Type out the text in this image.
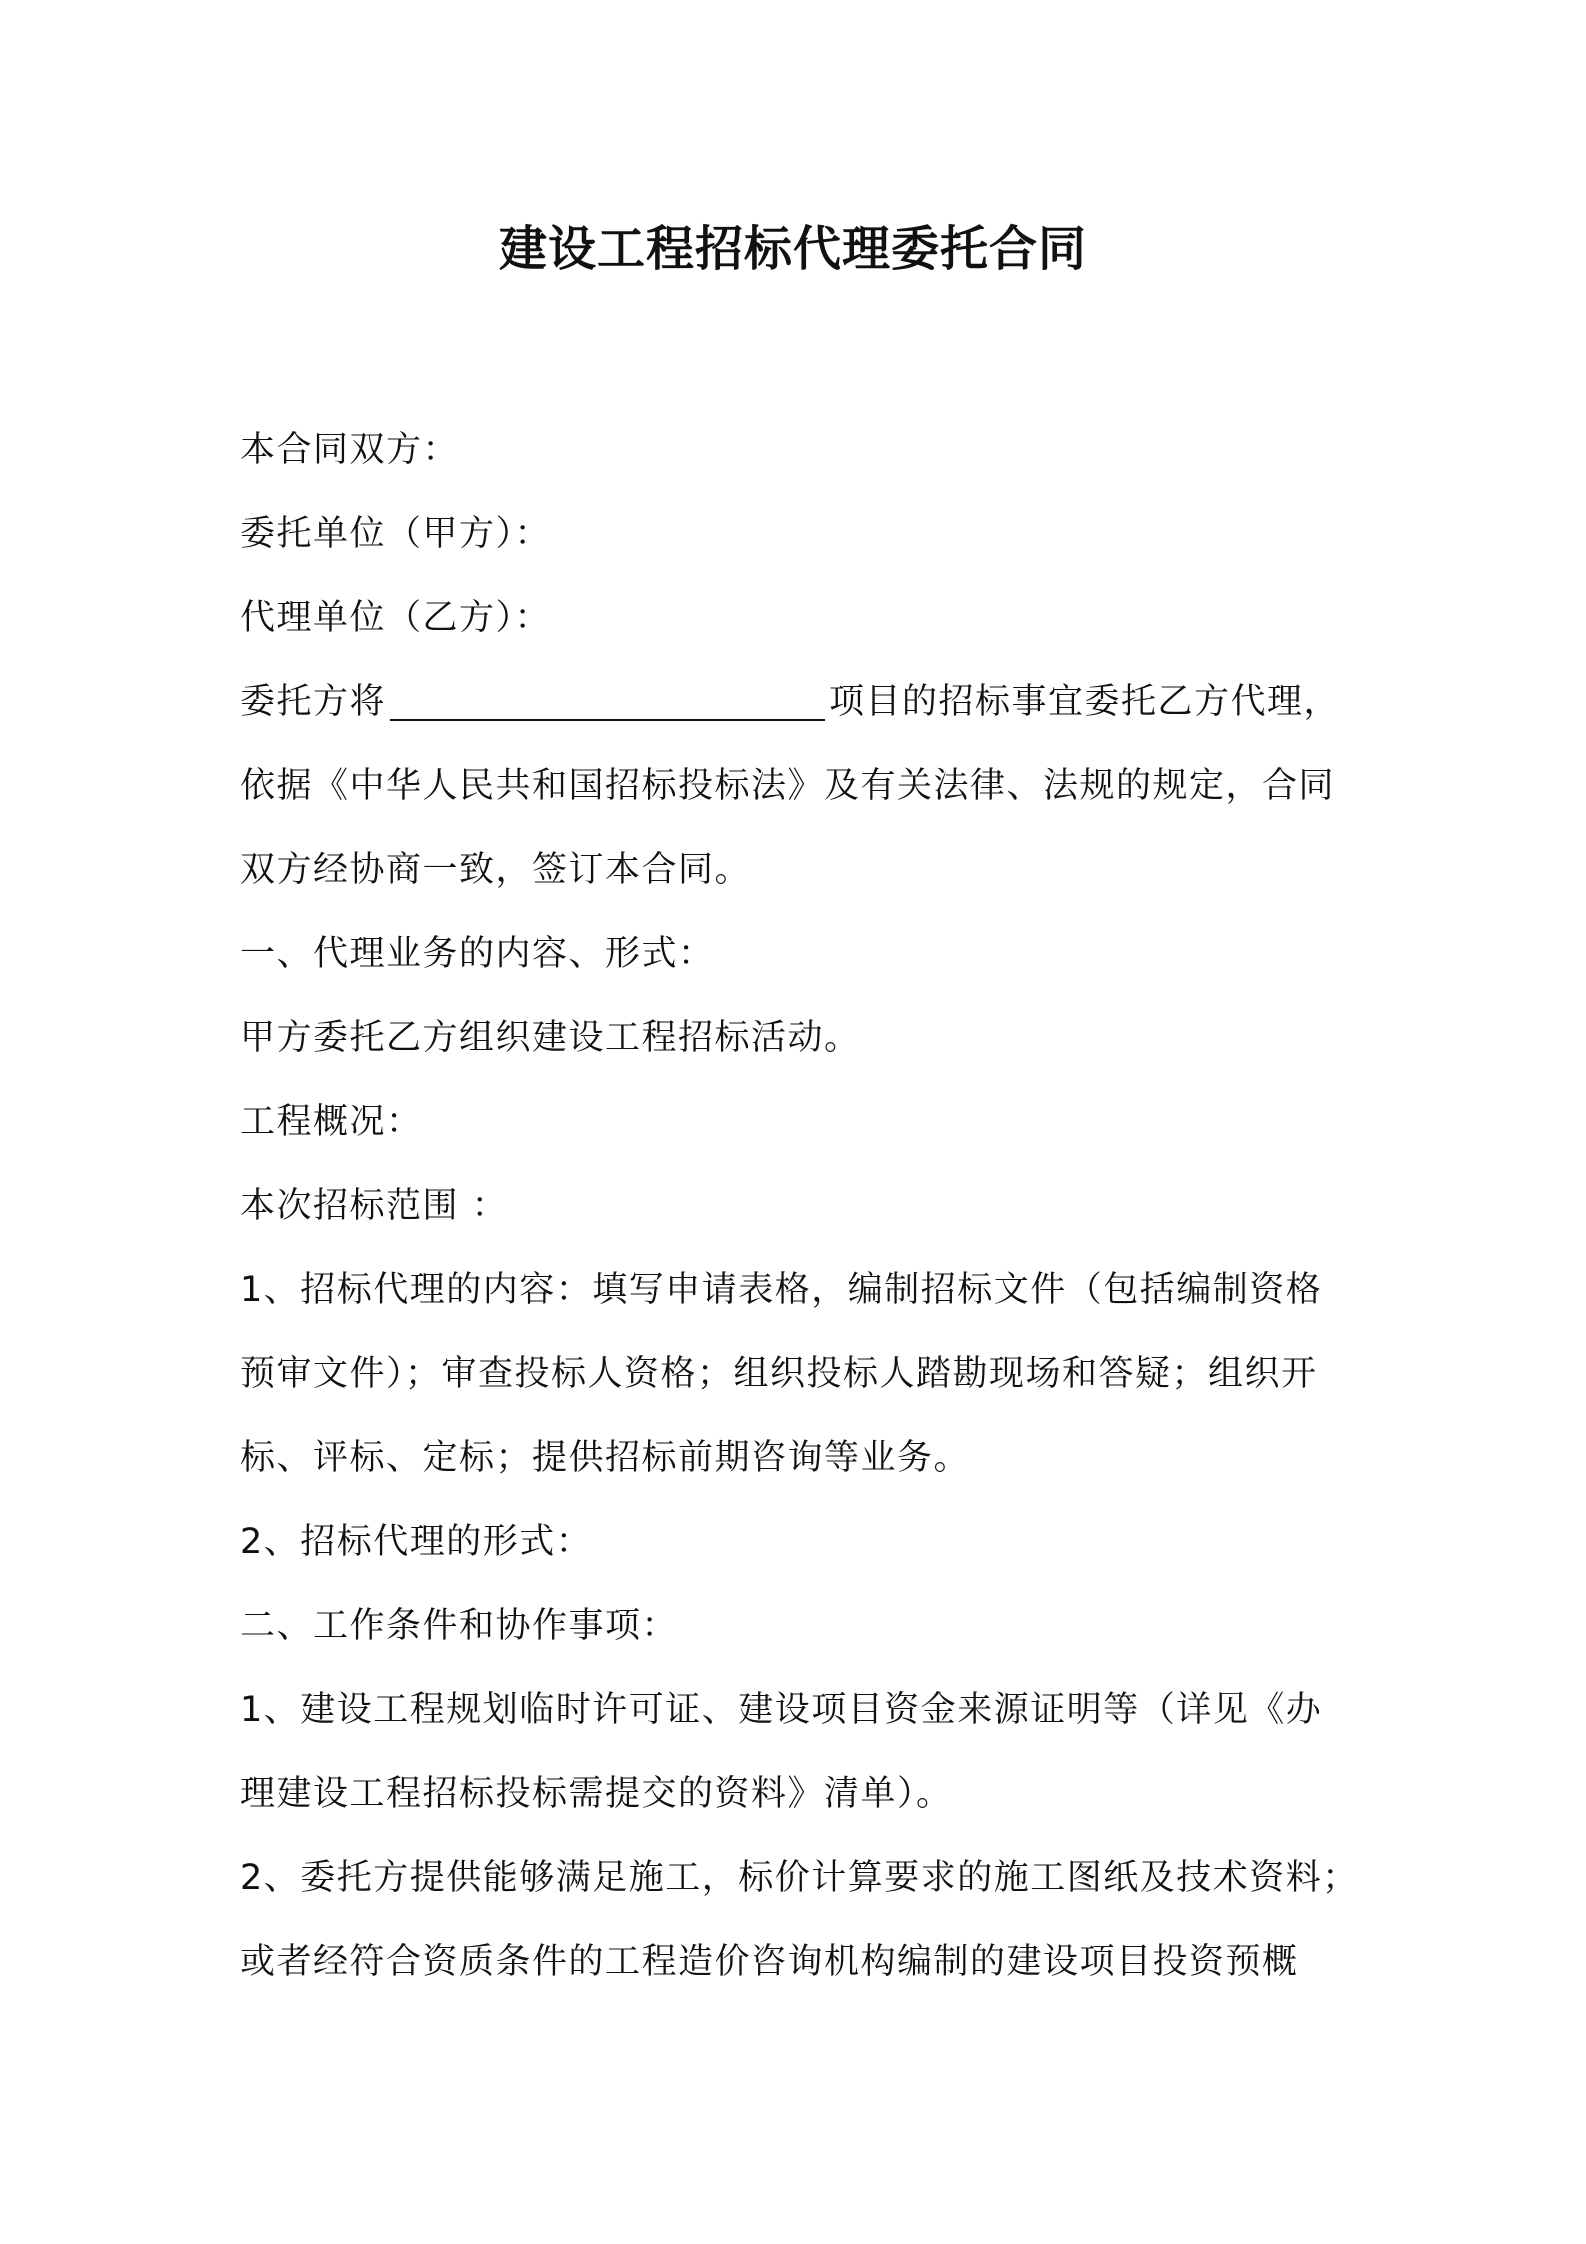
建设工程招标代理委托合同
本合同双方：
委托单位（甲方）：
代理单位（乙方）：
委托方将	项目的招标事宜委托乙方代理，
依据《中华人民共和国招标投标法》及有关法律、法规的规定，合同
双方经协商一致，签订本合同。
一、代理业务的内容、形式：
甲方委托乙方组织建设工程招标活动。
工程概况：
本次招标范围 ：
1、招标代理的内容：填写申请表格，编制招标文件（包括编制资格
预审文件）；审查投标人资格；组织投标人踏勘现场和答疑；组织开
标、评标、定标；提供招标前期咨询等业务。
2、招标代理的形式：
二、工作条件和协作事项：
1、建设工程规划临时许可证、建设项目资金来源证明等（详见《办
理建设工程招标投标需提交的资料》清单）。
2、委托方提供能够满足施工，标价计算要求的施工图纸及技术资料；
或者经符合资质条件的工程造价咨询机构编制的建设项目投资预概
